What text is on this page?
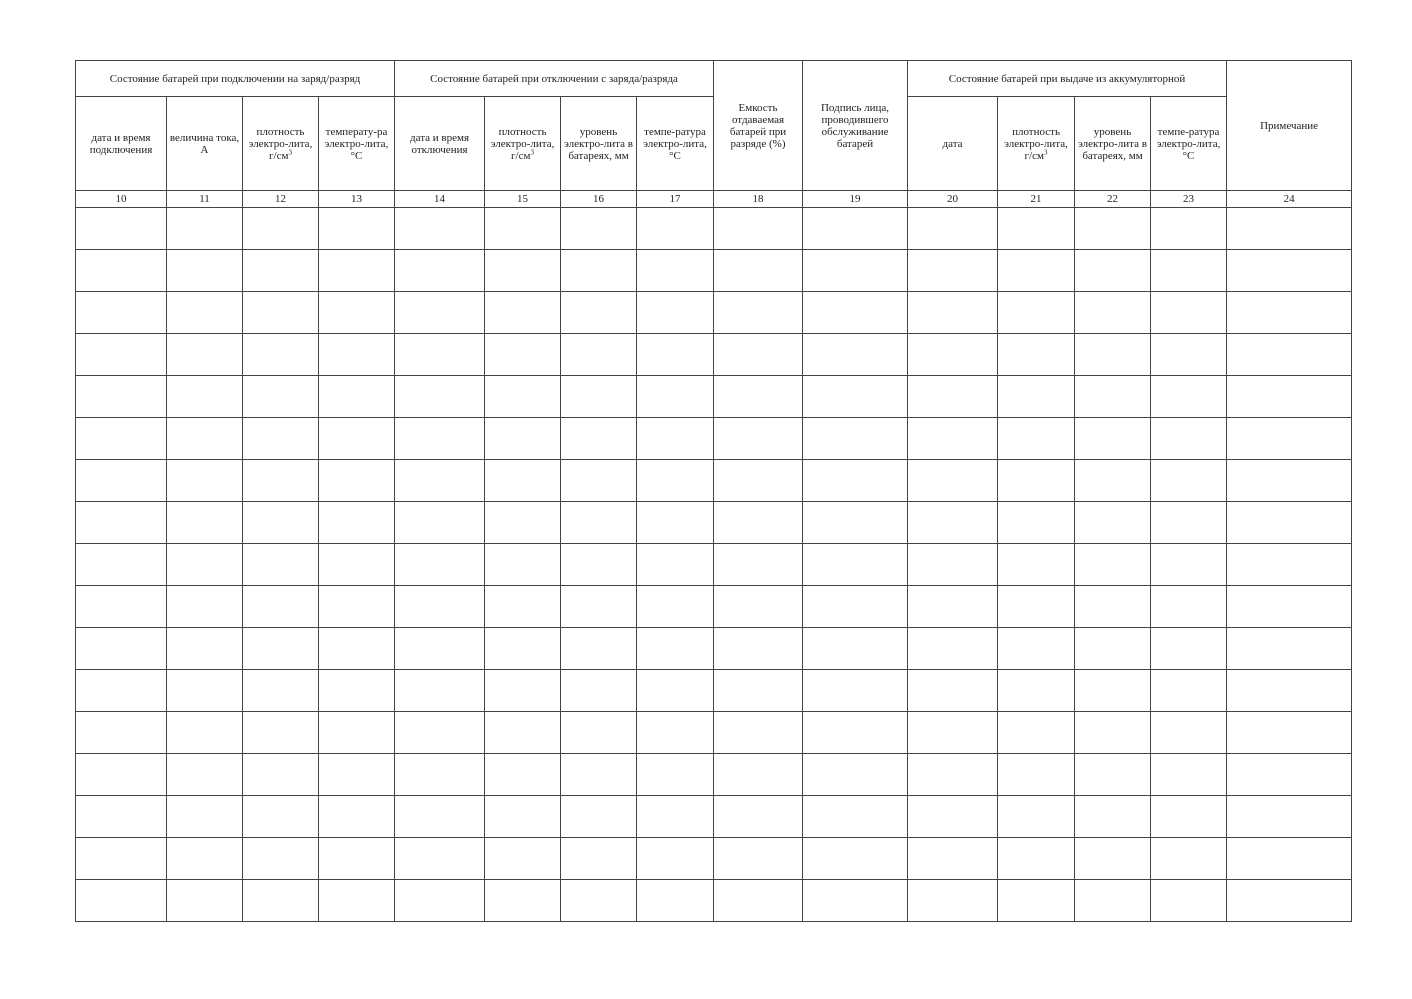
Состояние батарей при подключении на заряд/разряд				Состояние батарей при отключении с заряда/разряда				Емкость отдаваемая батарей при разряде (%)	Подпись лица, проводившего обслуживание батарей	Состояние батарей при выдаче из аккумуляторной				Примечание
дата и время подключения	величина тока, А	плотность электро-лита, $г/см^3$	температу-ра электро-лита, °C	дата и время отключения	плотность электро-лита, $г/см^3$	уровень электро-лита в батареях, мм	темпе-ратура электро-лита, °C			дата	плотность электро-лита, $г/см^3$	уровень электро-лита в батареях, мм	темпе-ратура электро-лита, °C	
10	11	12	13	14	15	16	17	18	19	20	21	22	23	24
